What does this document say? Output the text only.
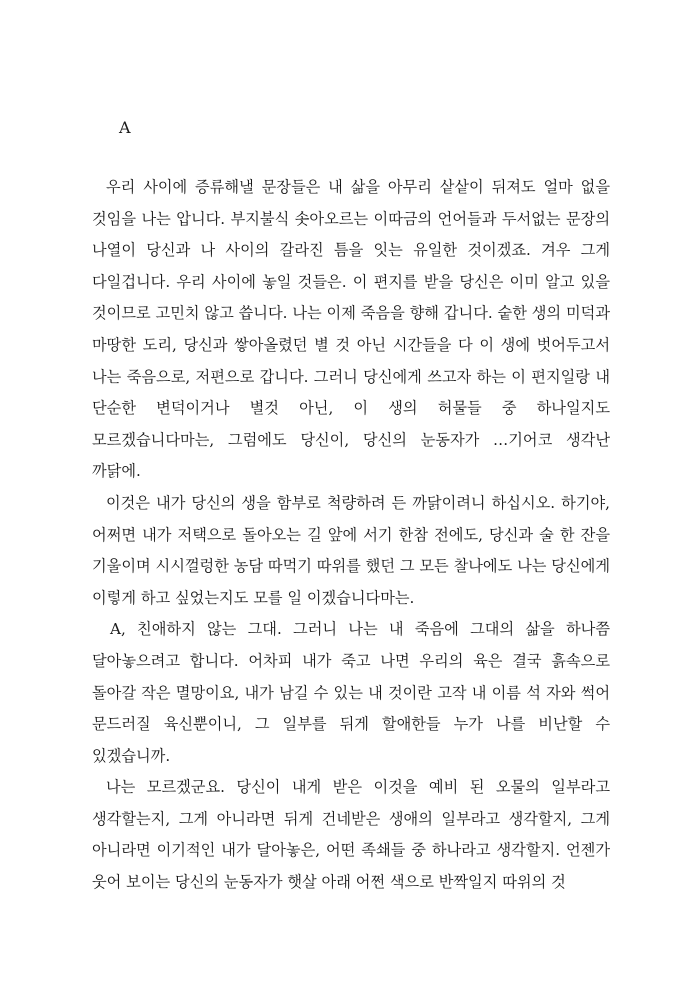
A

우리 사이에 증류해낼 문장들은 내 삶을 아무리 샅샅이 뒤져도 얼마 없을 것임을 나는 압니다. 부지불식 솟아오르는 이따금의 언어들과 두서없는 문장의 나열이 당신과 나 사이의 갈라진 틈을 잇는 유일한 것이겠죠. 겨우 그게 다일겁니다. 우리 사이에 놓일 것들은. 이 편지를 받을 당신은 이미 알고 있을 것이므로 고민치 않고 씁니다. 나는 이제 죽음을 향해 갑니다. 숱한 생의 미덕과 마땅한 도리, 당신과 쌓아올렸던 별 것 아닌 시간들을 다 이 생에 벗어두고서 나는 죽음으로, 저편으로 갑니다. 그러니 당신에게 쓰고자 하는 이 편지일랑 내 단순한 변덕이거나 별것 아닌, 이 생의 허물들 중 하나일지도 모르겠습니다마는, 그럼에도 당신이, 당신의 눈동자가 …기어코 생각난 까닭에.

이것은 내가 당신의 생을 함부로 척량하려 든 까닭이려니 하십시오. 하기야, 어쩌면 내가 저택으로 돌아오는 길 앞에 서기 한참 전에도, 당신과 술 한 잔을 기울이며 시시껄렁한 농담 따먹기 따위를 했던 그 모든 찰나에도 나는 당신에게 이렇게 하고 싶었는지도 모를 일 이겠습니다마는.

A, 친애하지 않는 그대. 그러니 나는 내 죽음에 그대의 삶을 하나쯤 달아놓으려고 합니다. 어차피 내가 죽고 나면 우리의 육은 결국 흙속으로 돌아갈 작은 멸망이요, 내가 남길 수 있는 내 것이란 고작 내 이름 석 자와 썩어 문드러질 육신뿐이니, 그 일부를 뒤게 할애한들 누가 나를 비난할 수 있겠습니까.

나는 모르겠군요. 당신이 내게 받은 이것을 예비 된 오물의 일부라고 생각할는지, 그게 아니라면 뒤게 건네받은 생애의 일부라고 생각할지, 그게 아니라면 이기적인 내가 달아놓은, 어떤 족쇄들 중 하나라고 생각할지. 언젠가 웃어 보이는 당신의 눈동자가 햇살 아래 어쩐 색으로 반짝일지 따위의 것
